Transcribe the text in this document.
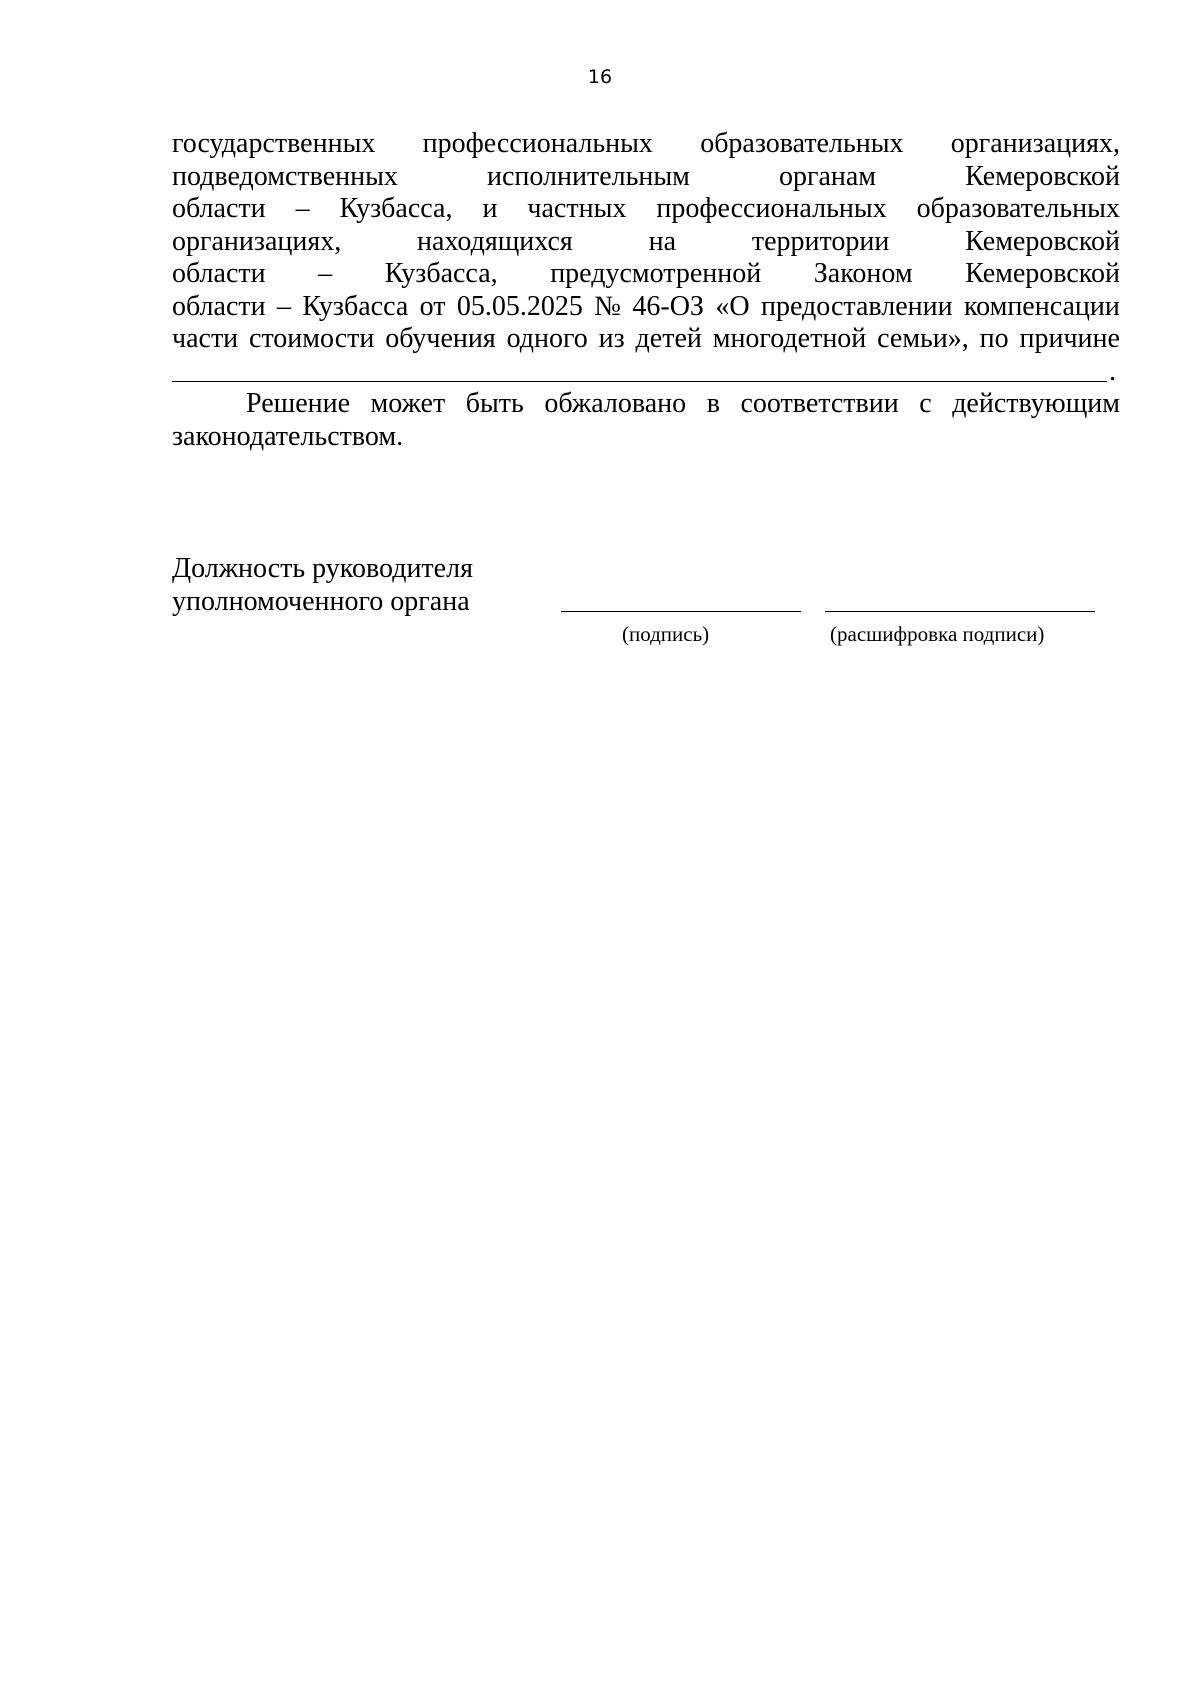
16
государственных профессиональных образовательных организациях,
подведомственных	исполнительным	органам	Кемеровской
области – Кузбасса, и частных профессиональных образовательных
организациях,	находящихся	на	территории	Кемеровской
области – Кузбасса, предусмотренной Законом Кемеровской
области – Кузбасса от 05.05.2025 № 46-ОЗ «О предоставлении компенсации
части стоимости обучения одного из детей многодетной семьи», по причине
.
Решение может быть обжаловано в соответствии с действующим
законодательством.
Должность руководителя
уполномоченного органа
(подпись)	(расшифровка подписи)
